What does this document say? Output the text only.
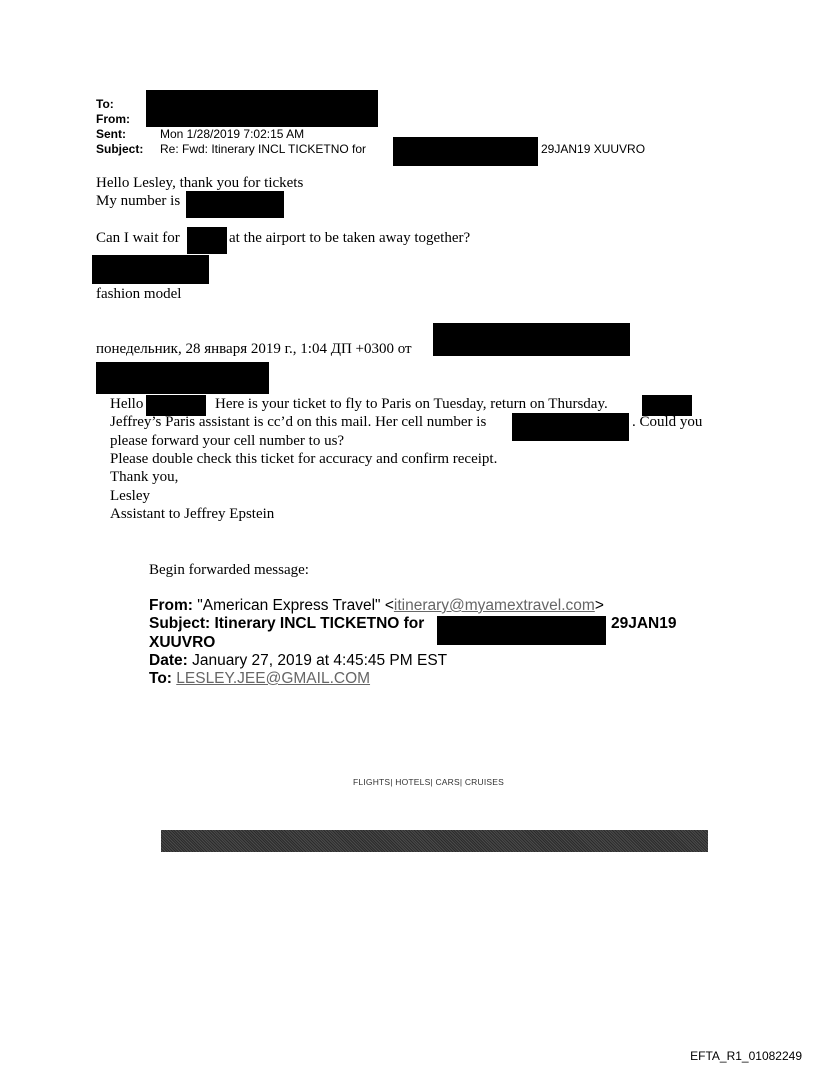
To:
From:
Sent:	Mon 1/28/2019 7:02:15 AM
Subject: Re: Fwd: Itinerary INCL TICKETNO for	29JAN19 XUUVRO
Hello Lesley, thank you for tickets
My number is
Can I wait for	at the airport to be taken away together?
fashion model
понедельник, 28 января 2019 г., 1:04 ДП +0300 от
Hello	Here is your ticket to fly to Paris on Tuesday, return on Thursday.
Jeffrey’s Paris assistant is cc’d on this mail. Her cell number is	. Could you
please forward your cell number to us?
Please double check this ticket for accuracy and confirm receipt.
Thank you,
Lesley
Assistant to Jeffrey Epstein
Begin forwarded message:
From: "American Express Travel" <itinerary@myamextravel.com>
Subject: Itinerary INCL TICKETNO for	29JAN19
XUUVRO
Date: January 27, 2019 at 4:45:45 PM EST
To: LESLEY.JEE@GMAIL.COM
FLIGHTS| HOTELS| CARS| CRUISES
EFTA_R1_01082249
